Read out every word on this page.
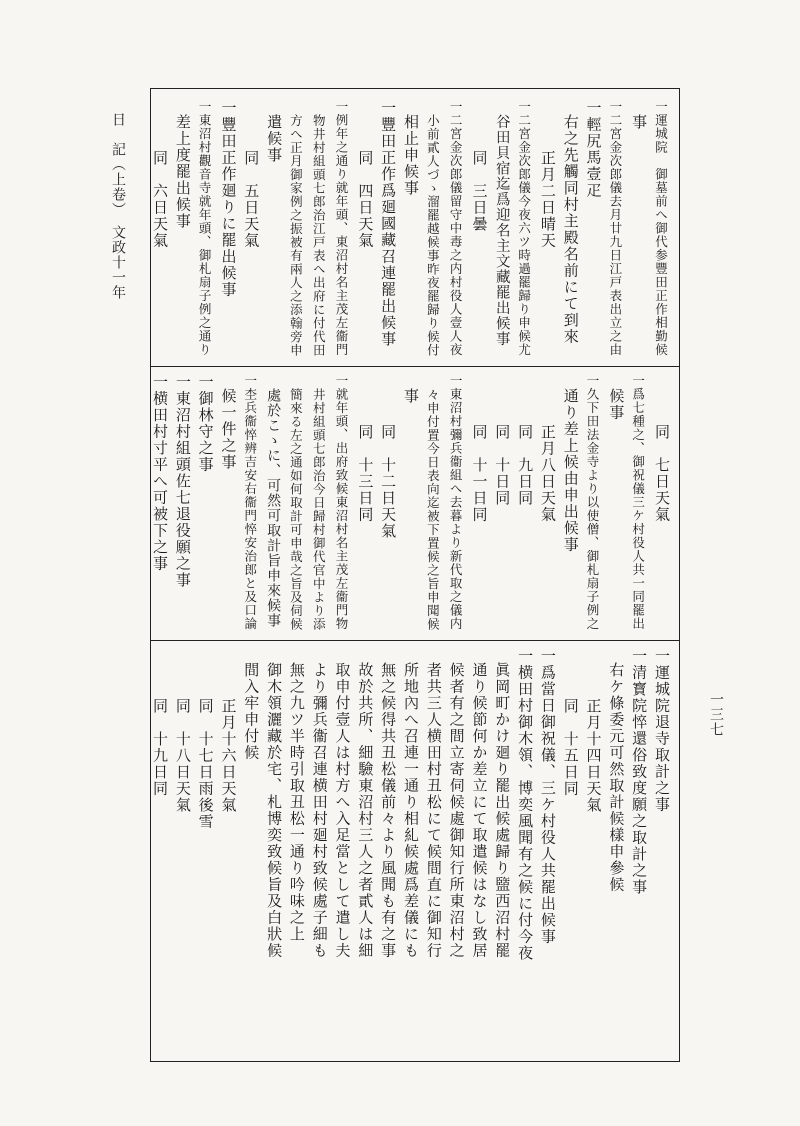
日　記（上卷）　文政十一年
一三七
一運城院　御墓前へ御代参豐田正作相勤候
事
一二宮金次郎儀去月廿九日江戸表出立之由
一輕尻馬壹疋
右之先觸同村主殿名前にて到來
正月二日晴天
一二宮金次郎儀今夜六ツ時過罷歸り申候尤
谷田貝宿迄爲迎名主文藏罷出候事
同　三日曇
一二宮金次郎儀留守中毒之内村役人壹人夜
小前貳人づゝ溜罷越候事昨夜罷歸り候付
相止申候事
一豐田正作爲廻國藏召連罷出候事
同　四日天氣
一例年之通り就年頭、東沼村名主茂左衞門
物井村組頭七郎治江戸表へ出府に付代田
方へ正月御家例之振被有兩人之添翰旁申
遣候事
同　五日天氣
一豐田正作廻りに罷出候事
一東沼村觀音寺就年頭、御札扇子例之通り
差上度罷出候事
同　六日天氣
同　七日天氣
一爲七種之、御祝儀三ケ村役人共一同罷出
候事
一久下田法金寺より以使僧、御札扇子例之
通り差上候由申出候事
正月八日天氣
同　九日同
同　十日同
同　十一日同
一東沼村彌兵衞組へ去暮より新代取之儀内
々申付置今日表向迄被下置候之旨申聞候
事
同　十二日天氣
同　十三日同
一就年頭、出府致候東沼村名主茂左衞門物
井村組頭七郎治今日歸村御代官中より添
簡來る左之通如何取計可申哉之旨及伺候
處於こゝに、可然可取計旨申來候事
一杢兵衞悴辨吉安右衞門悴安治郎と及口論
候一件之事
一御林守之事
一東沼村組頭佐七退役願之事
一横田村寸平へ可被下之事
一運城院退寺取計之事
一清寳院悴還俗致度願之取計之事
右ケ條委元可然取計候樣申參候
正月十四日天氣
同　十五日同
一爲當日御祝儀、三ケ村役人共罷出候事
一横田村御木領、博奕風聞有之候に付今夜
眞岡町かけ廻り罷出候處歸り盬西沼村罷
通り候節何か差立にて取遣候はなし致居
候者有之間立寄伺候處御知行所東沼村之
者共三人横田村丑松にて候間直に御知行
所地內へ召連一通り相糺候處爲差儀にも
無之候得共丑松儀前々より風聞も有之事
故於共所、細驗東沼村三人之者貳人は細
取申付壹人は村方へ入足當として遣し夫
より彌兵衞召連横田村廻村致候處子細も
無之九ツ半時引取丑松一通り吟味之上
御木領灑藏於宅、札博奕致候旨及白狀候
間入牢申付候
正月十六日天氣
同　十七日雨後雪
同　十八日天氣
同　十九日同
